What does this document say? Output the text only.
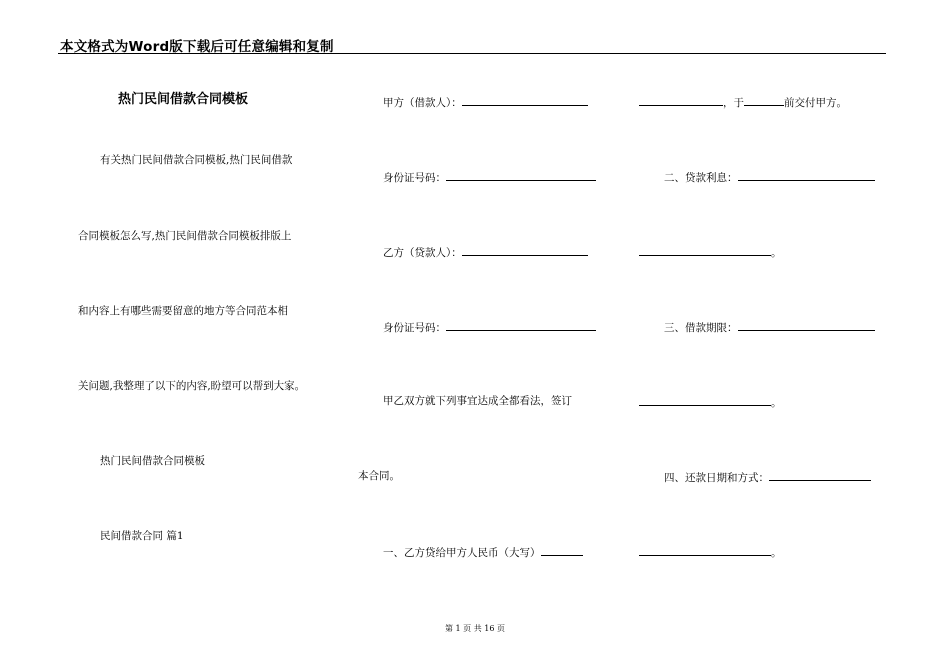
本文格式为Word版下载后可任意编辑和复制
热门民间借款合同模板
有关热门民间借款合同模板,热门民间借款
合同模板怎么写,热门民间借款合同模板排版上
和内容上有哪些需要留意的地方等合同范本相
关问题,我整理了以下的内容,盼望可以帮到大家。
热门民间借款合同模板
民间借款合同 篇1
甲方（借款人）：
身份证号码：
乙方（贷款人）：
身份证号码：
甲乙双方就下列事宜达成全都看法，签订
本合同。
一、乙方贷给甲方人民币（大写）
，于	前交付甲方。
二、贷款利息：
。
三、借款期限：
。
四、还款日期和方式：
。
第 1 页 共 16 页
